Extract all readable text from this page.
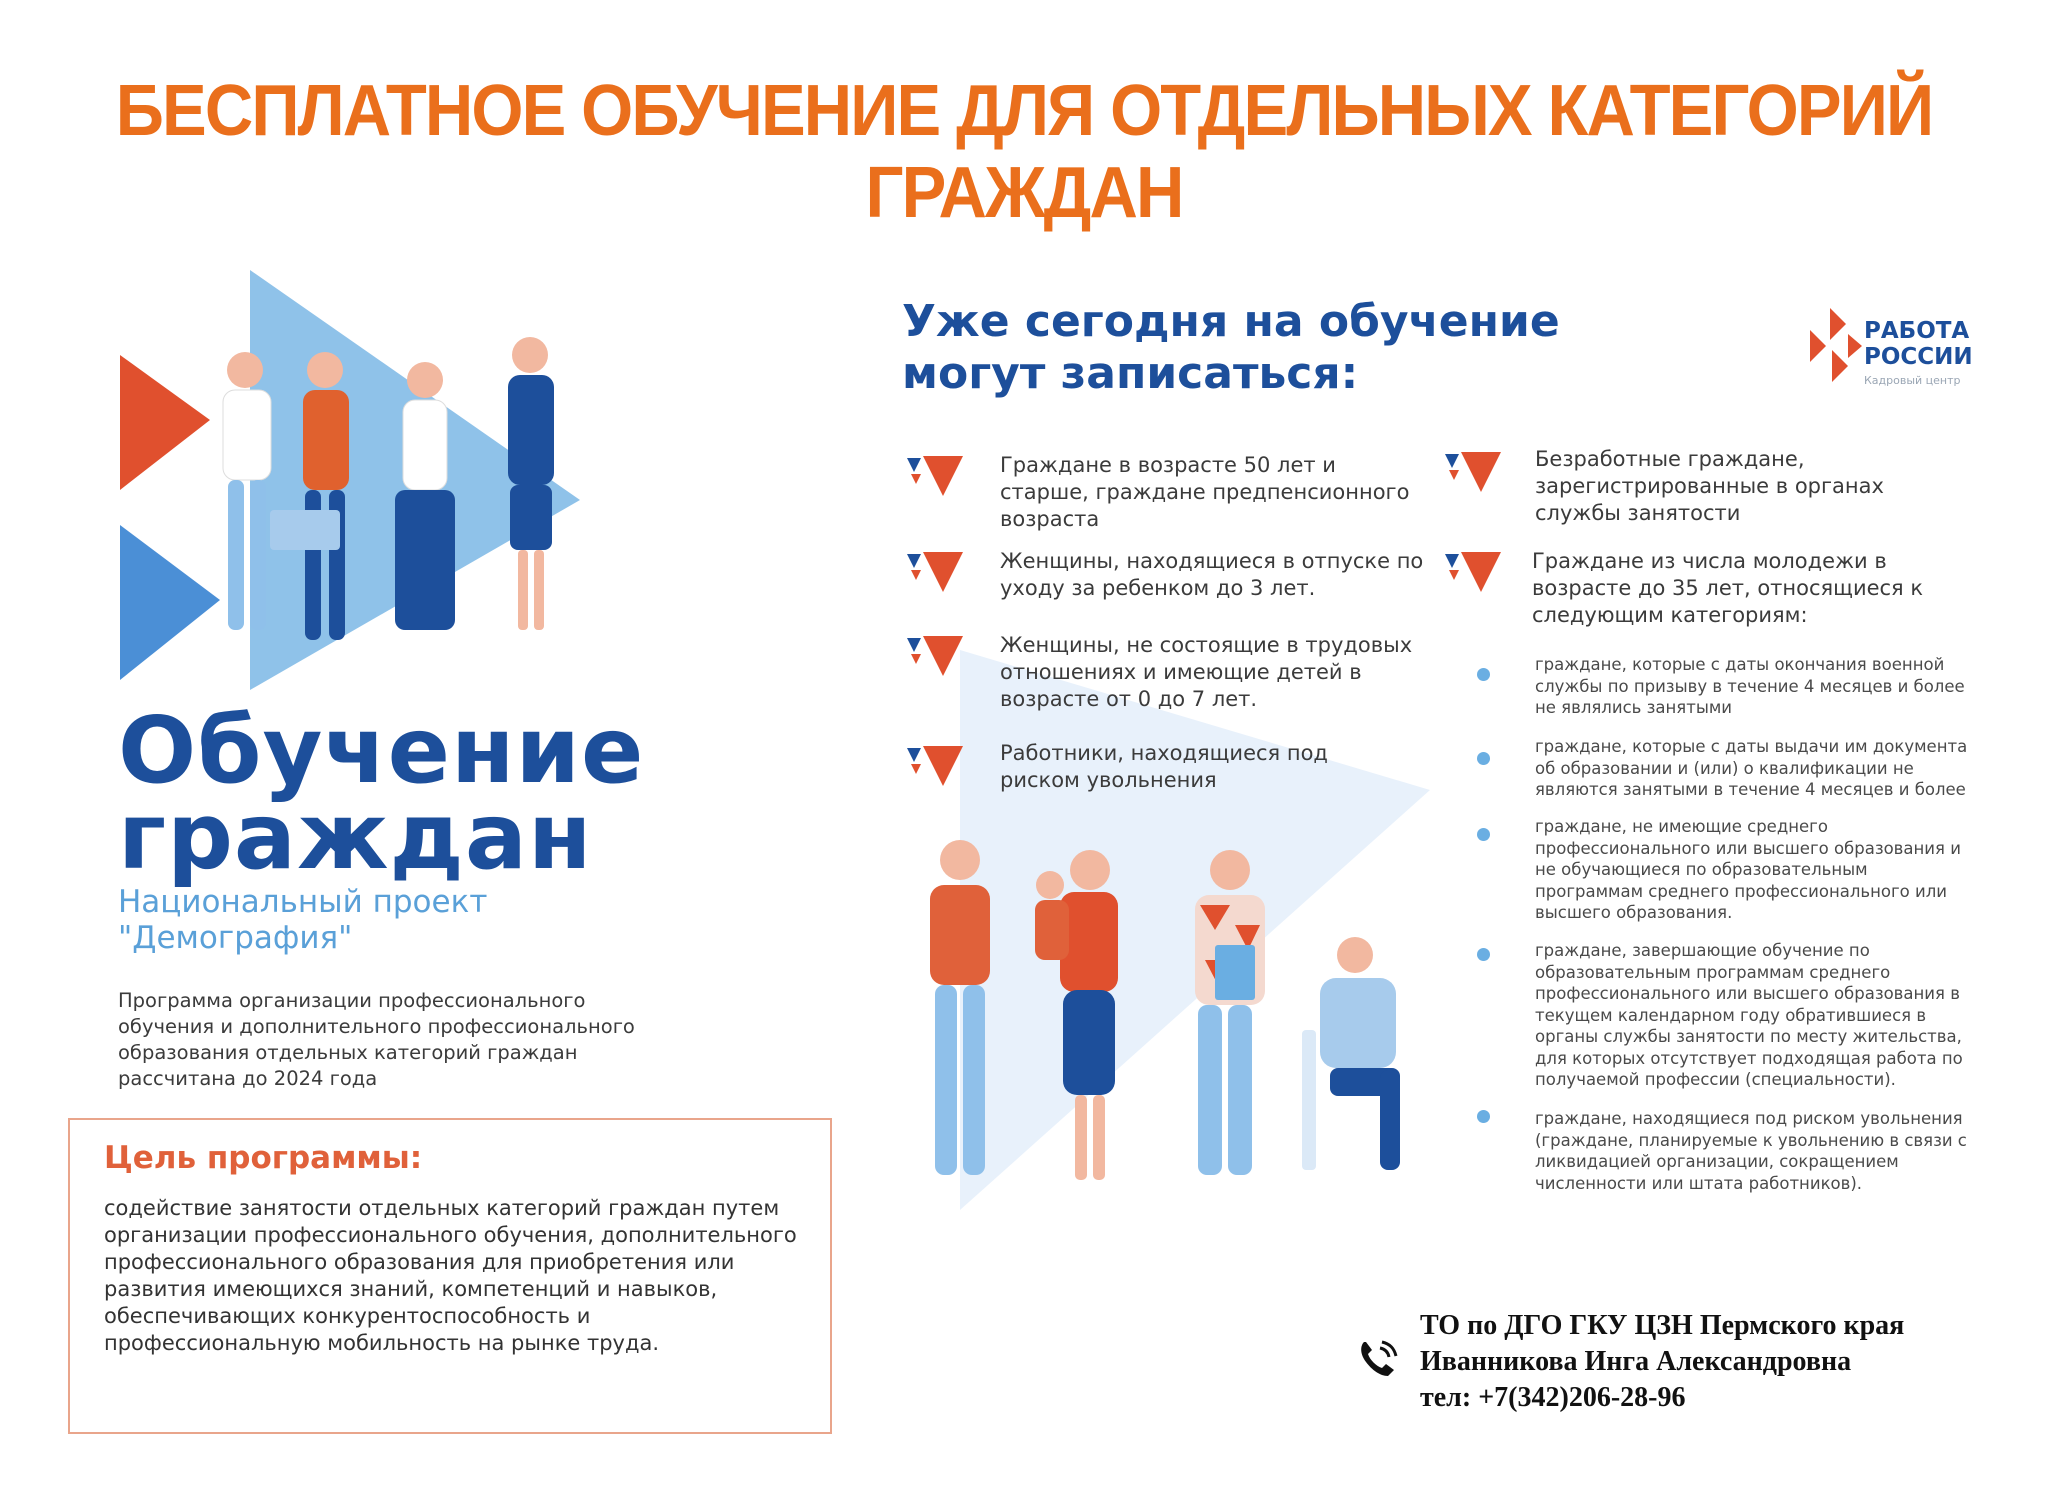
БЕСПЛАТНОЕ ОБУЧЕНИЕ ДЛЯ ОТДЕЛЬНЫХ КАТЕГОРИЙ ГРАЖДАН
Обучение
граждан
Национальный проект
"Демография"
Программа организации профессионального обучения и дополнительного профессионального образования отдельных категорий граждан рассчитана до 2024 года
Цель программы:
содействие занятости отдельных категорий граждан путем организации профессионального обучения, дополнительного профессионального образования для приобретения или развития имеющихся знаний, компетенций и навыков, обеспечивающих конкурентоспособность и профессиональную мобильность на рынке труда.
Уже сегодня на обучение
могут записаться:
РАБОТА
РОССИИ
Кадровый центр
Граждане в возрасте 50 лет и старше, граждане предпенсионного возраста
Женщины, находящиеся в отпуске по уходу за ребенком до 3 лет.
Женщины, не состоящие в трудовых отношениях и имеющие детей в возрасте от 0 до 7 лет.
Работники, находящиеся под риском увольнения
Безработные граждане, зарегистрированные в органах службы занятости
Граждане из числа молодежи в возрасте до 35 лет, относящиеся к следующим категориям:
граждане, которые с даты окончания военной службы по призыву в течение 4 месяцев и более не являлись занятыми
граждане, которые с даты выдачи им документа об образовании и (или) о квалификации не являются занятыми в течение 4 месяцев и более
граждане, не имеющие среднего профессионального или высшего образования и не обучающиеся по образовательным программам среднего профессионального или высшего образования.
граждане, завершающие обучение по образовательным программам среднего профессионального или высшего образования в текущем календарном году обратившиеся в органы службы занятости по месту жительства, для которых отсутствует подходящая работа по получаемой профессии (специальности).
граждане, находящиеся под риском увольнения (граждане, планируемые к увольнению в связи с ликвидацией организации, сокращением численности или штата работников).
ТО по ДГО ГКУ ЦЗН Пермского края
Иванникова Инга Александровна
тел: +7(342)206-28-96
